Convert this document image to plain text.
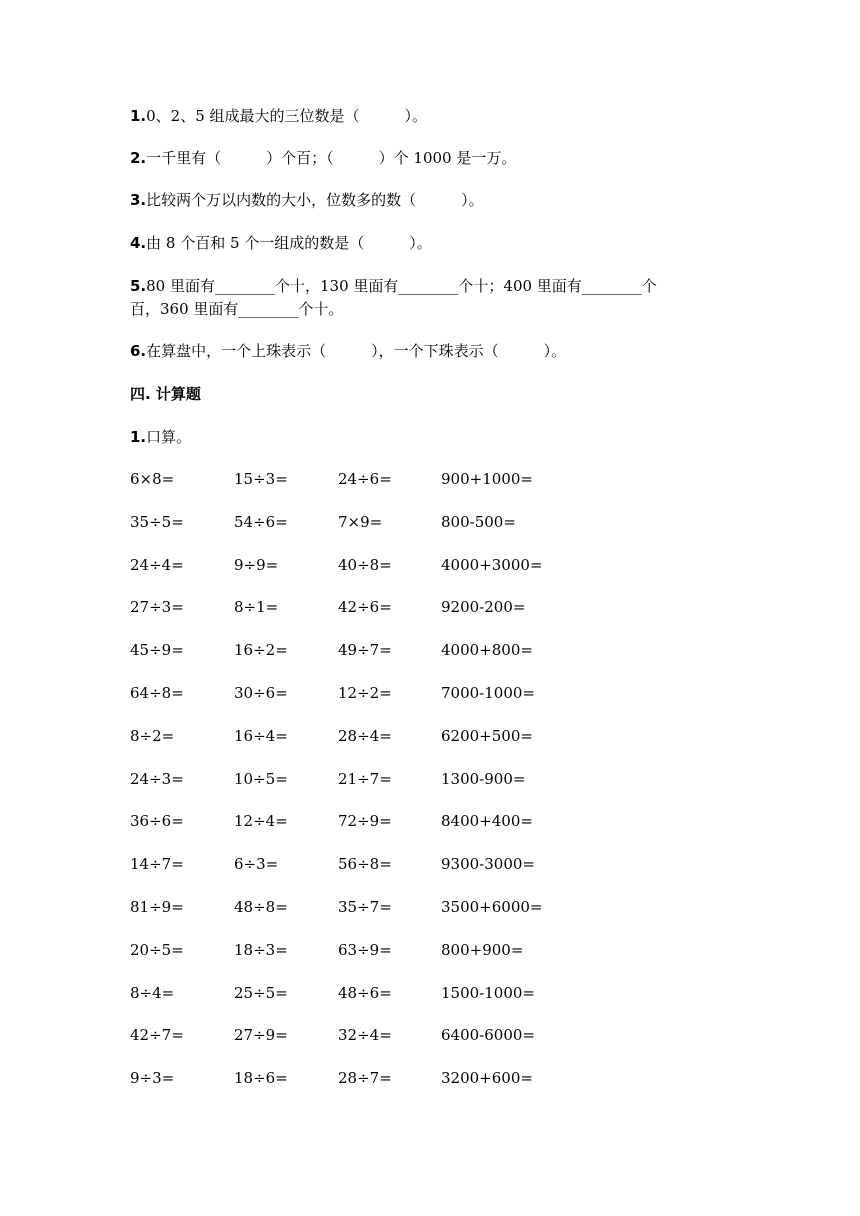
1.0、2、5 组成最大的三位数是（　　　）。
2.一千里有（　　　）个百；（　　　）个 1000 是一万。
3.比较两个万以内数的大小，位数多的数（　　　）。
4.由 8 个百和 5 个一组成的数是（　　　）。
5.80 里面有________个十，130 里面有________个十；400 里面有________个
百，360 里面有________个十。
6.在算盘中，一个上珠表示（　　　），一个下珠表示（　　　）。
四. 计算题
1.口算。
6×8=	15÷3=	24÷6=	900+1000=
35÷5=	54÷6=	7×9=	800-500=
24÷4=	9÷9=	40÷8=	4000+3000=
27÷3=	8÷1=	42÷6=	9200-200=
45÷9=	16÷2=	49÷7=	4000+800=
64÷8=	30÷6=	12÷2=	7000-1000=
8÷2=	16÷4=	28÷4=	6200+500=
24÷3=	10÷5=	21÷7=	1300-900=
36÷6=	12÷4=	72÷9=	8400+400=
14÷7=	6÷3=	56÷8=	9300-3000=
81÷9=	48÷8=	35÷7=	3500+6000=
20÷5=	18÷3=	63÷9=	800+900=
8÷4=	25÷5=	48÷6=	1500-1000=
42÷7=	27÷9=	32÷4=	6400-6000=
9÷3=	18÷6=	28÷7=	3200+600=
